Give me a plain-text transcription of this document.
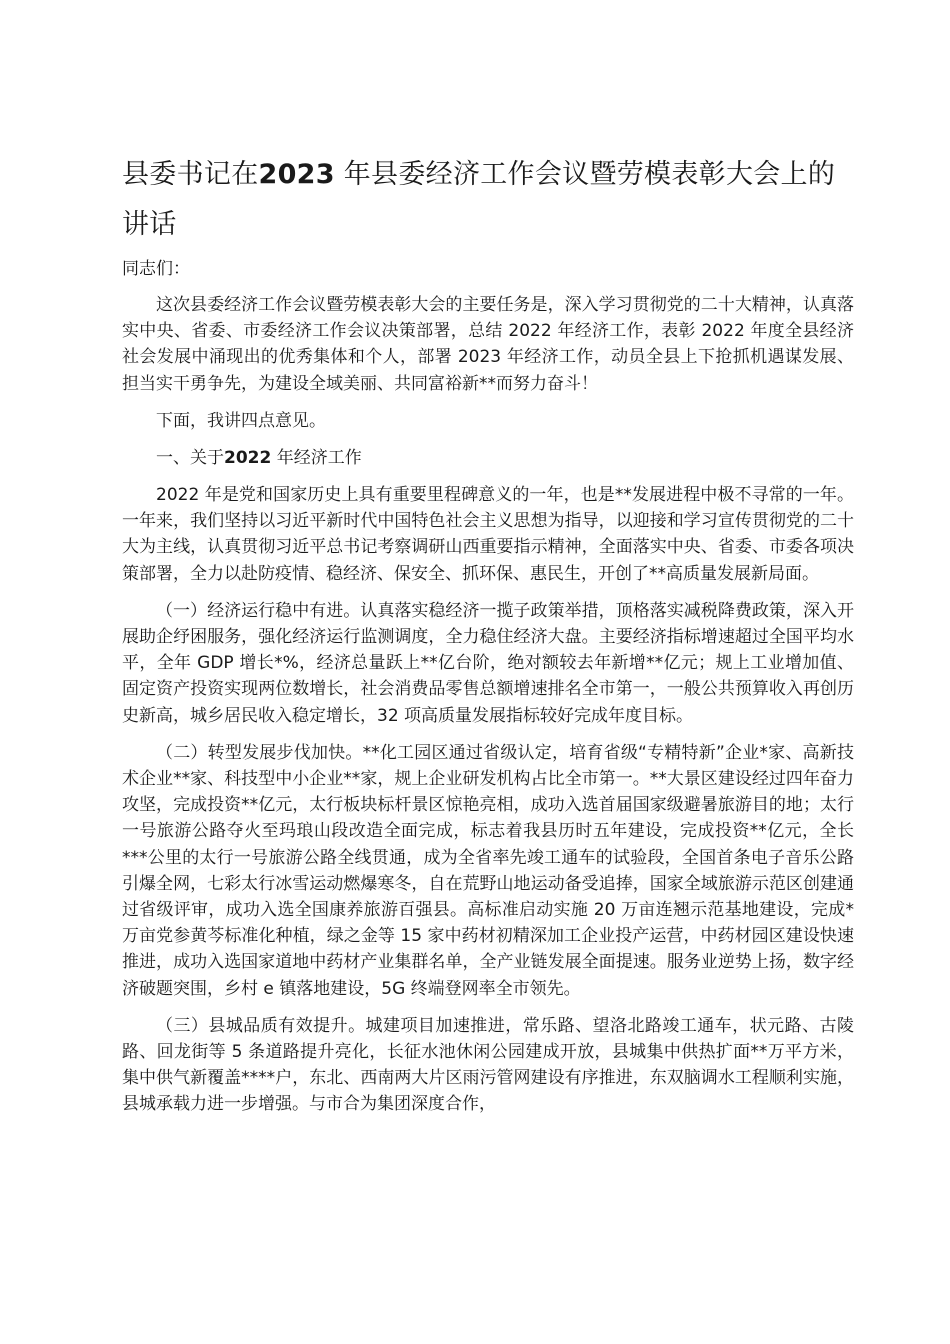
县委书记在2023 年县委经济工作会议暨劳模表彰大会上的讲话

同志们：

这次县委经济工作会议暨劳模表彰大会的主要任务是，深入学习贯彻党的二十大精神，认真落实中央、省委、市委经济工作会议决策部署，总结 2022 年经济工作，表彰 2022 年度全县经济社会发展中涌现出的优秀集体和个人，部署 2023 年经济工作，动员全县上下抢抓机遇谋发展、担当实干勇争先，为建设全域美丽、共同富裕新**而努力奋斗！

下面，我讲四点意见。

一、关于2022 年经济工作

2022 年是党和国家历史上具有重要里程碑意义的一年，也是**发展进程中极不寻常的一年。一年来，我们坚持以习近平新时代中国特色社会主义思想为指导，以迎接和学习宣传贯彻党的二十大为主线，认真贯彻习近平总书记考察调研山西重要指示精神，全面落实中央、省委、市委各项决策部署，全力以赴防疫情、稳经济、保安全、抓环保、惠民生，开创了**高质量发展新局面。

（一）经济运行稳中有进。认真落实稳经济一揽子政策举措，顶格落实减税降费政策，深入开展助企纾困服务，强化经济运行监测调度，全力稳住经济大盘。主要经济指标增速超过全国平均水平，全年 GDP 增长*%，经济总量跃上**亿台阶，绝对额较去年新增**亿元；规上工业增加值、固定资产投资实现两位数增长，社会消费品零售总额增速排名全市第一，一般公共预算收入再创历史新高，城乡居民收入稳定增长，32 项高质量发展指标较好完成年度目标。

（二）转型发展步伐加快。**化工园区通过省级认定，培育省级“专精特新”企业*家、高新技术企业**家、科技型中小企业**家，规上企业研发机构占比全市第一。**大景区建设经过四年奋力攻坚，完成投资**亿元，太行板块标杆景区惊艳亮相，成功入选首届国家级避暑旅游目的地；太行一号旅游公路夺火至玛琅山段改造全面完成，标志着我县历时五年建设，完成投资**亿元，全长***公里的太行一号旅游公路全线贯通，成为全省率先竣工通车的试验段，全国首条电子音乐公路引爆全网，七彩太行冰雪运动燃爆寒冬，自在荒野山地运动备受追捧，国家全域旅游示范区创建通过省级评审，成功入选全国康养旅游百强县。高标准启动实施 20 万亩连翘示范基地建设，完成*万亩党参黄芩标准化种植，绿之金等 15 家中药材初精深加工企业投产运营，中药材园区建设快速推进，成功入选国家道地中药材产业集群名单，全产业链发展全面提速。服务业逆势上扬，数字经济破题突围，乡村 e 镇落地建设，5G 终端登网率全市领先。

（三）县城品质有效提升。城建项目加速推进，常乐路、望洛北路竣工通车，状元路、古陵路、回龙街等 5 条道路提升亮化，长征水池休闲公园建成开放，县城集中供热扩面**万平方米，集中供气新覆盖****户，东北、西南两大片区雨污管网建设有序推进，东双脑调水工程顺利实施，县城承载力进一步增强。与市合为集团深度合作，
